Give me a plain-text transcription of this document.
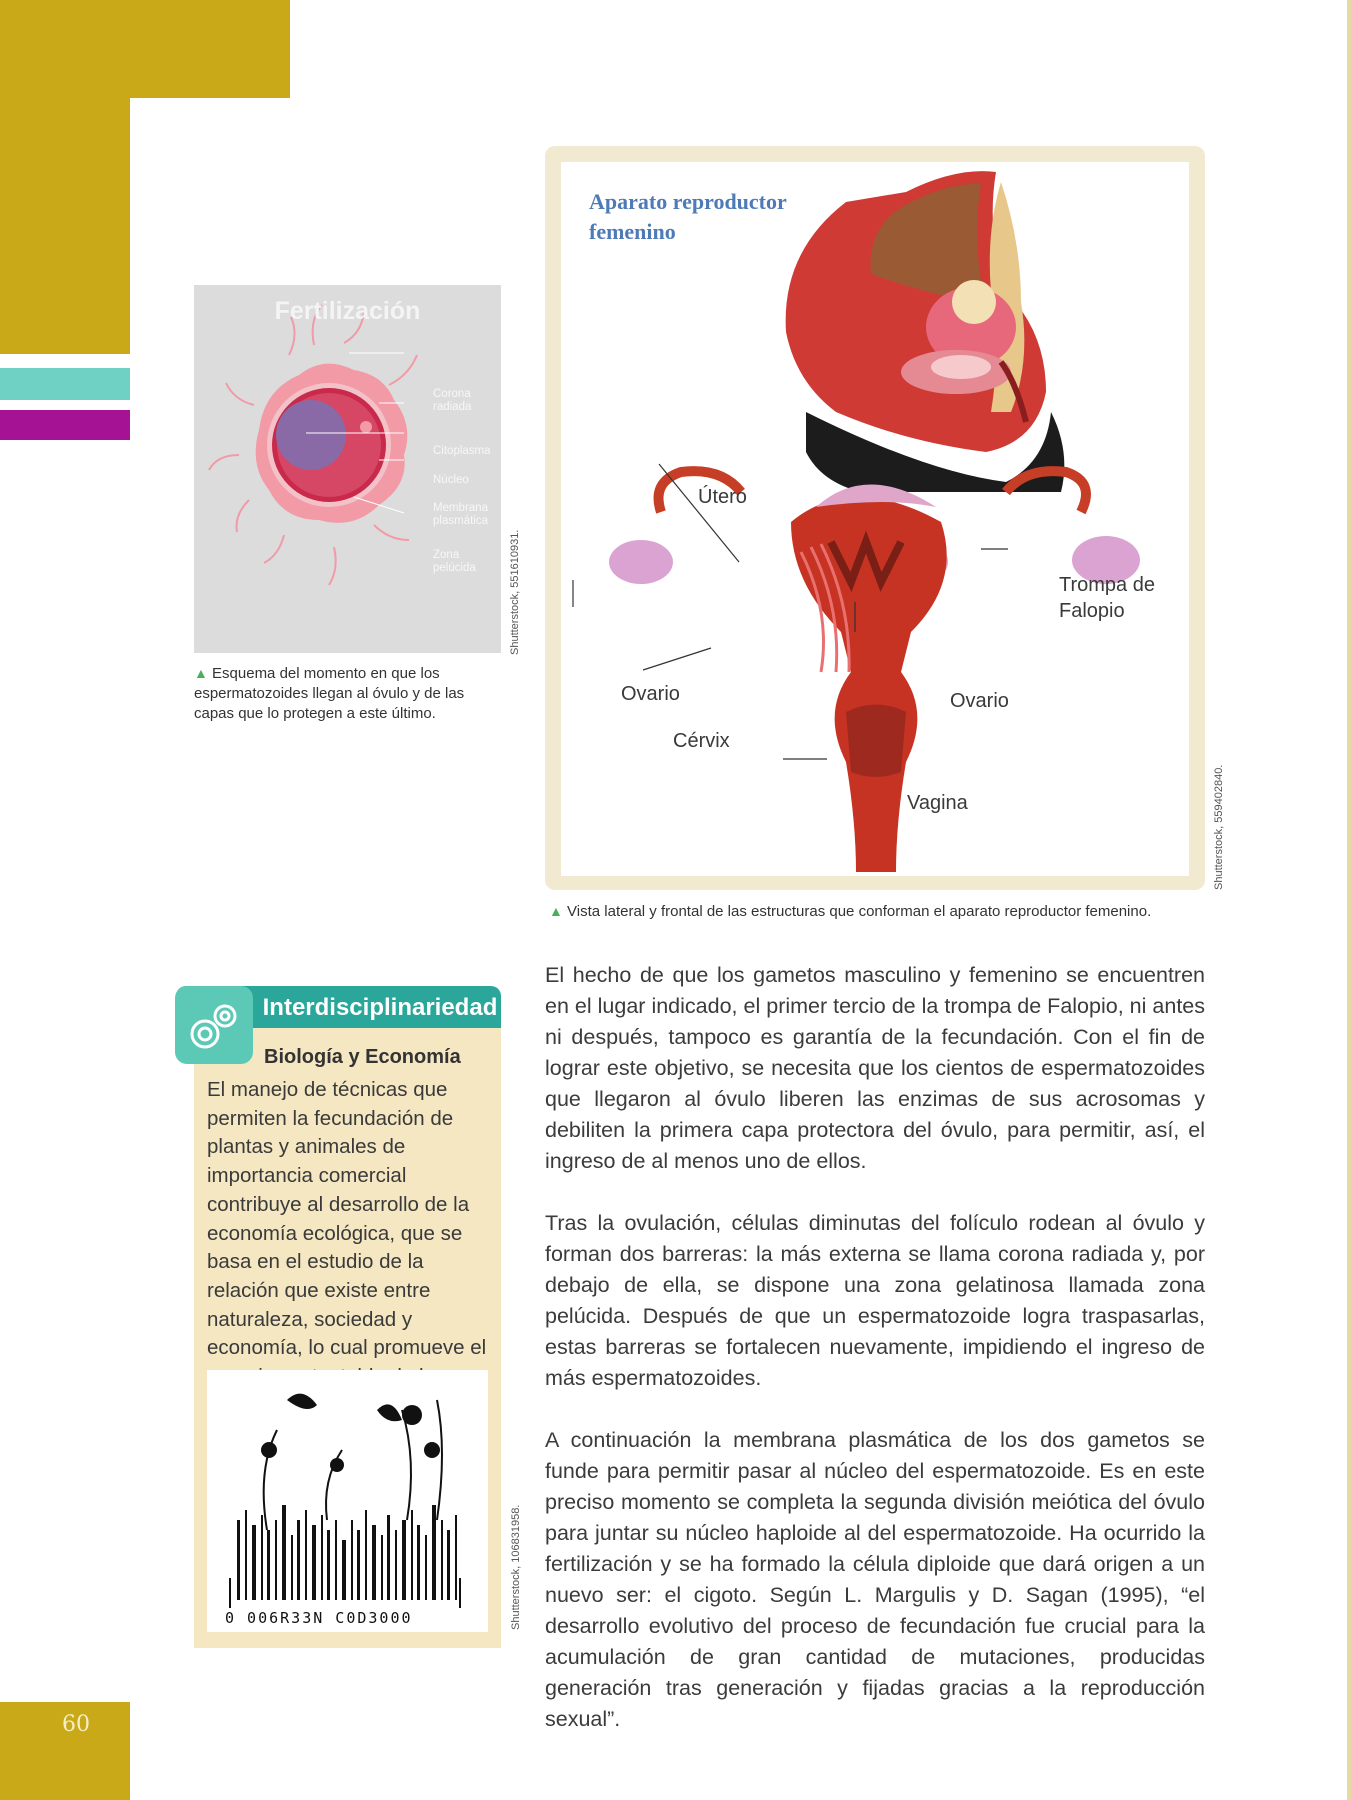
60
Fertilización
Corona radiada
Citoplasma
Núcleo
Membrana plasmática
Zona pelúcida	Shutterstock, 551610931.
▲ Esquema del momento en que los espermatozoides llegan al óvulo y de las capas que lo protegen a este último.
Aparato reproductor femenino
Útero
Trompa de Falopio
Ovario	Ovario
Cérvix
Vagina	Shutterstock, 559402840.
▲ Vista lateral y frontal de las estructuras que conforman el aparato reproductor femenino.
Interdisciplinariedad
Biología y Economía
El manejo de técnicas que permiten la fecundación de plantas y animales de importancia comercial contribuye al desarrollo de la economía ecológica, que se basa en el estudio de la relación que existe entre naturaleza, sociedad y economía, lo cual promueve el
0 006R33N C0D3000	Shutterstock, 106831958.

El hecho de que los gametos masculino y femenino se encuentren en el lugar indicado, el primer tercio de la trompa de Falopio, ni antes ni después, tampoco es garantía de la fecundación. Con el fin de lograr este objetivo, se necesita que los cientos de espermatozoides que llegaron al óvulo liberen las enzimas de sus acrosomas y debiliten la primera capa protectora del óvulo, para permitir, así, el ingreso de al menos uno de ellos.

Tras la ovulación, células diminutas del folículo rodean al óvulo y forman dos barreras: la más externa se llama corona radiada y, por debajo de ella, se dispone una zona gelatinosa llamada zona pelúcida. Después de que un espermatozoide logra traspasarlas, estas barreras se fortalecen nuevamente, impidiendo el ingreso de más espermatozoides.

A continuación la membrana plasmática de los dos gametos se funde para permitir pasar al núcleo del espermatozoide. Es en este preciso momento se completa la segunda división meiótica del óvulo para juntar su núcleo haploide al del espermatozoide. Ha ocurrido la fertilización y se ha formado la célula diploide que dará origen a un nuevo ser: el cigoto. Según L. Margulis y D. Sagan (1995), “el desarrollo evolutivo del proceso de fecundación fue crucial para la acumulación de gran cantidad de mutaciones, producidas generación tras generación y fijadas gracias a la reproducción sexual”.
